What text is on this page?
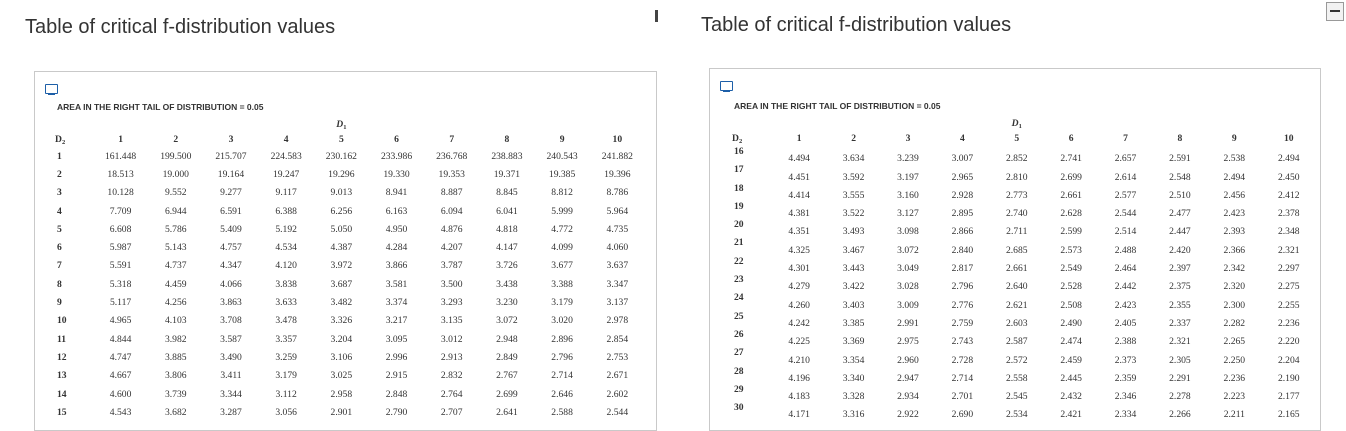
Table of critical f-distribution values
AREA IN THE RIGHT TAIL OF DISTRIBUTION = 0.05
					$D_1$					
$D_2$	1	2	3	4	5	6	7	8	9	10
1	161.448	199.500	215.707	224.583	230.162	233.986	236.768	238.883	240.543	241.882
2	18.513	19.000	19.164	19.247	19.296	19.330	19.353	19.371	19.385	19.396
3	10.128	9.552	9.277	9.117	9.013	8.941	8.887	8.845	8.812	8.786
4	7.709	6.944	6.591	6.388	6.256	6.163	6.094	6.041	5.999	5.964
5	6.608	5.786	5.409	5.192	5.050	4.950	4.876	4.818	4.772	4.735
6	5.987	5.143	4.757	4.534	4.387	4.284	4.207	4.147	4.099	4.060
7	5.591	4.737	4.347	4.120	3.972	3.866	3.787	3.726	3.677	3.637
8	5.318	4.459	4.066	3.838	3.687	3.581	3.500	3.438	3.388	3.347
9	5.117	4.256	3.863	3.633	3.482	3.374	3.293	3.230	3.179	3.137
10	4.965	4.103	3.708	3.478	3.326	3.217	3.135	3.072	3.020	2.978
11	4.844	3.982	3.587	3.357	3.204	3.095	3.012	2.948	2.896	2.854
12	4.747	3.885	3.490	3.259	3.106	2.996	2.913	2.849	2.796	2.753
13	4.667	3.806	3.411	3.179	3.025	2.915	2.832	2.767	2.714	2.671
14	4.600	3.739	3.344	3.112	2.958	2.848	2.764	2.699	2.646	2.602
15	4.543	3.682	3.287	3.056	2.901	2.790	2.707	2.641	2.588	2.544
Table of critical f-distribution values
AREA IN THE RIGHT TAIL OF DISTRIBUTION = 0.05
					$D_1$					
$D_2$	1	2	3	4	5	6	7	8	9	10
16	4.494	3.634	3.239	3.007	2.852	2.741	2.657	2.591	2.538	2.494
17	4.451	3.592	3.197	2.965	2.810	2.699	2.614	2.548	2.494	2.450
18	4.414	3.555	3.160	2.928	2.773	2.661	2.577	2.510	2.456	2.412
19	4.381	3.522	3.127	2.895	2.740	2.628	2.544	2.477	2.423	2.378
20	4.351	3.493	3.098	2.866	2.711	2.599	2.514	2.447	2.393	2.348
21	4.325	3.467	3.072	2.840	2.685	2.573	2.488	2.420	2.366	2.321
22	4.301	3.443	3.049	2.817	2.661	2.549	2.464	2.397	2.342	2.297
23	4.279	3.422	3.028	2.796	2.640	2.528	2.442	2.375	2.320	2.275
24	4.260	3.403	3.009	2.776	2.621	2.508	2.423	2.355	2.300	2.255
25	4.242	3.385	2.991	2.759	2.603	2.490	2.405	2.337	2.282	2.236
26	4.225	3.369	2.975	2.743	2.587	2.474	2.388	2.321	2.265	2.220
27	4.210	3.354	2.960	2.728	2.572	2.459	2.373	2.305	2.250	2.204
28	4.196	3.340	2.947	2.714	2.558	2.445	2.359	2.291	2.236	2.190
29	4.183	3.328	2.934	2.701	2.545	2.432	2.346	2.278	2.223	2.177
30	4.171	3.316	2.922	2.690	2.534	2.421	2.334	2.266	2.211	2.165
